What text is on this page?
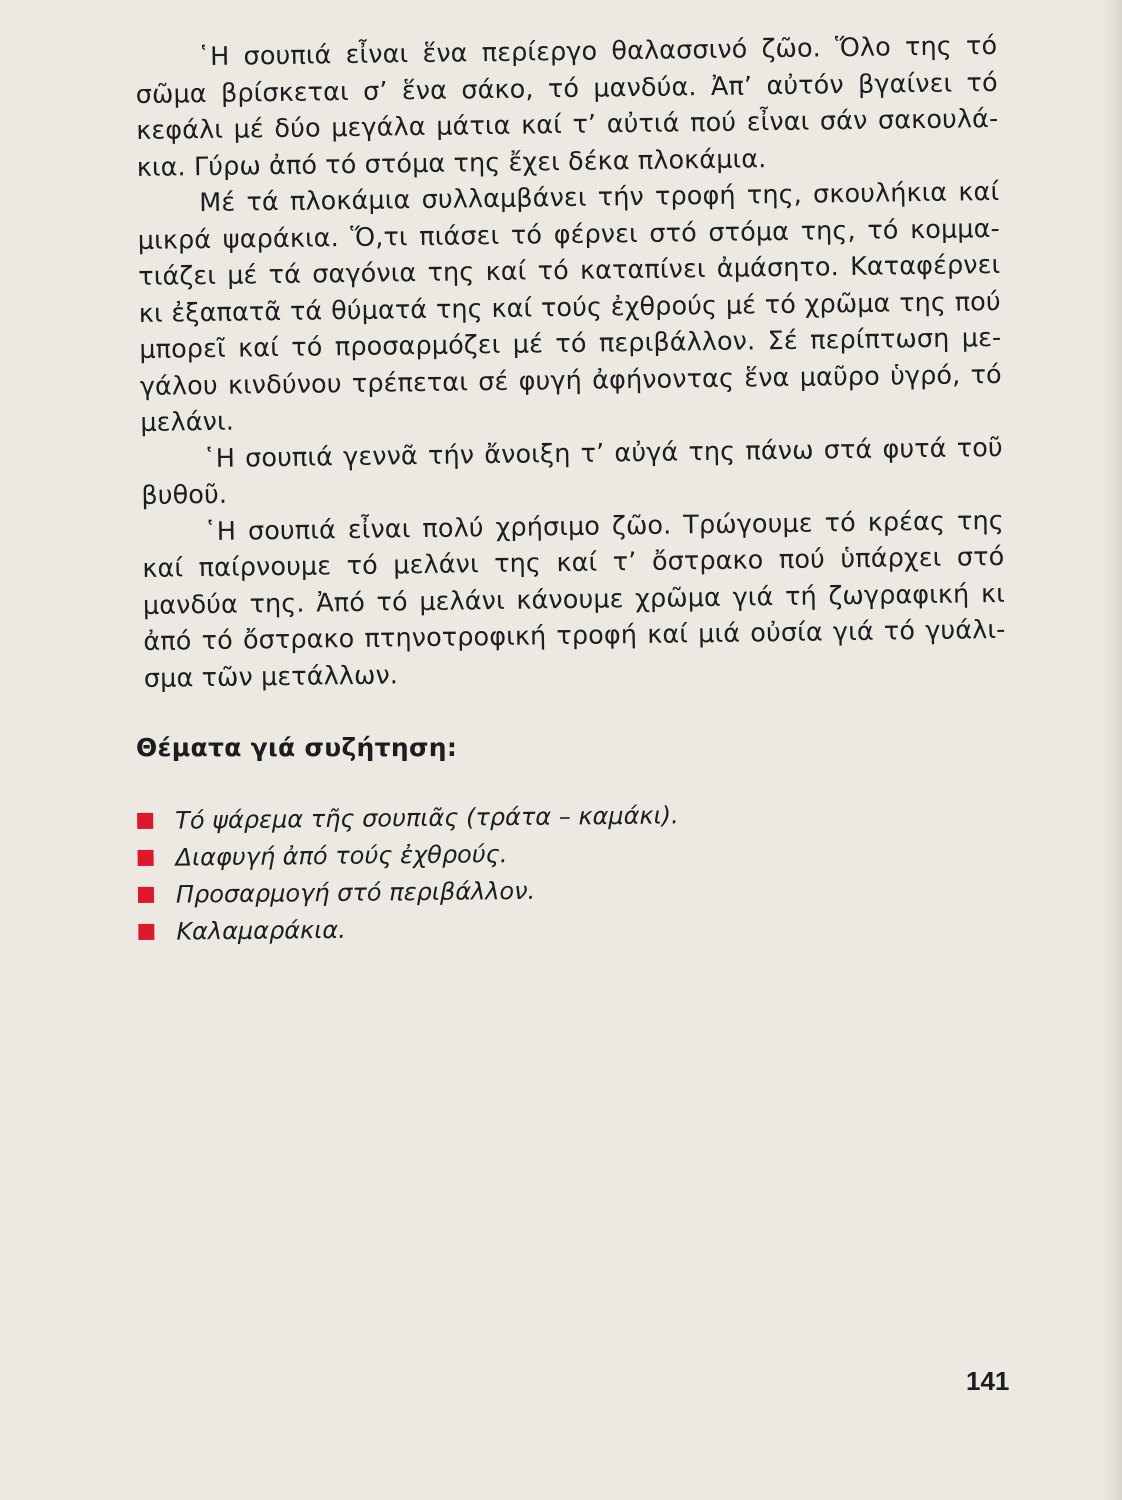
῾Η σουπιά εἶναι ἕνα περίεργο θαλασσινό ζῶο. Ὅλο της τό σῶμα βρίσκεται σ’ ἕνα σάκο, τό μανδύα. Ἀπ’ αὐτόν βγαίνει τό κεφάλι μέ δύο μεγάλα μάτια καί τ’ αὐτιά πού εἶναι σάν σακουλάκια. Γύρω ἀπό τό στόμα της ἔχει δέκα πλοκάμια.

Μέ τά πλοκάμια συλλαμβάνει τήν τροφή της, σκουλήκια καί μικρά ψαράκια. Ὅ,τι πιάσει τό φέρνει στό στόμα της, τό κομματιάζει μέ τά σαγόνια της καί τό καταπίνει ἀμάσητο. Καταφέρνει κι ἐξαπατᾶ τά θύματά της καί τούς ἐχθρούς μέ τό χρῶμα της πού μπορεῖ καί τό προσαρμόζει μέ τό περιβάλλον. Σέ περίπτωση μεγάλου κινδύνου τρέπεται σέ φυγή ἀφήνοντας ἕνα μαῦρο ὑγρό, τό μελάνι.

῾Η σουπιά γεννᾶ τήν ἄνοιξη τ’ αὐγά της πάνω στά φυτά τοῦ βυθοῦ.

῾Η σουπιά εἶναι πολύ χρήσιμο ζῶο. Τρώγουμε τό κρέας της καί παίρνουμε τό μελάνι της καί τ’ ὄστρακο πού ὑπάρχει στό μανδύα της. Ἀπό τό μελάνι κάνουμε χρῶμα γιά τή ζωγραφική κι ἀπό τό ὄστρακο πτηνοτροφική τροφή καί μιά οὐσία γιά τό γυάλισμα τῶν μετάλλων.

Θέματα γιά συζήτηση:
Τό ψάρεμα τῆς σουπιᾶς (τράτα – καμάκι).
Διαφυγή ἀπό τούς ἐχθρούς.
Προσαρμογή στό περιβάλλον.
Καλαμαράκια.
141
